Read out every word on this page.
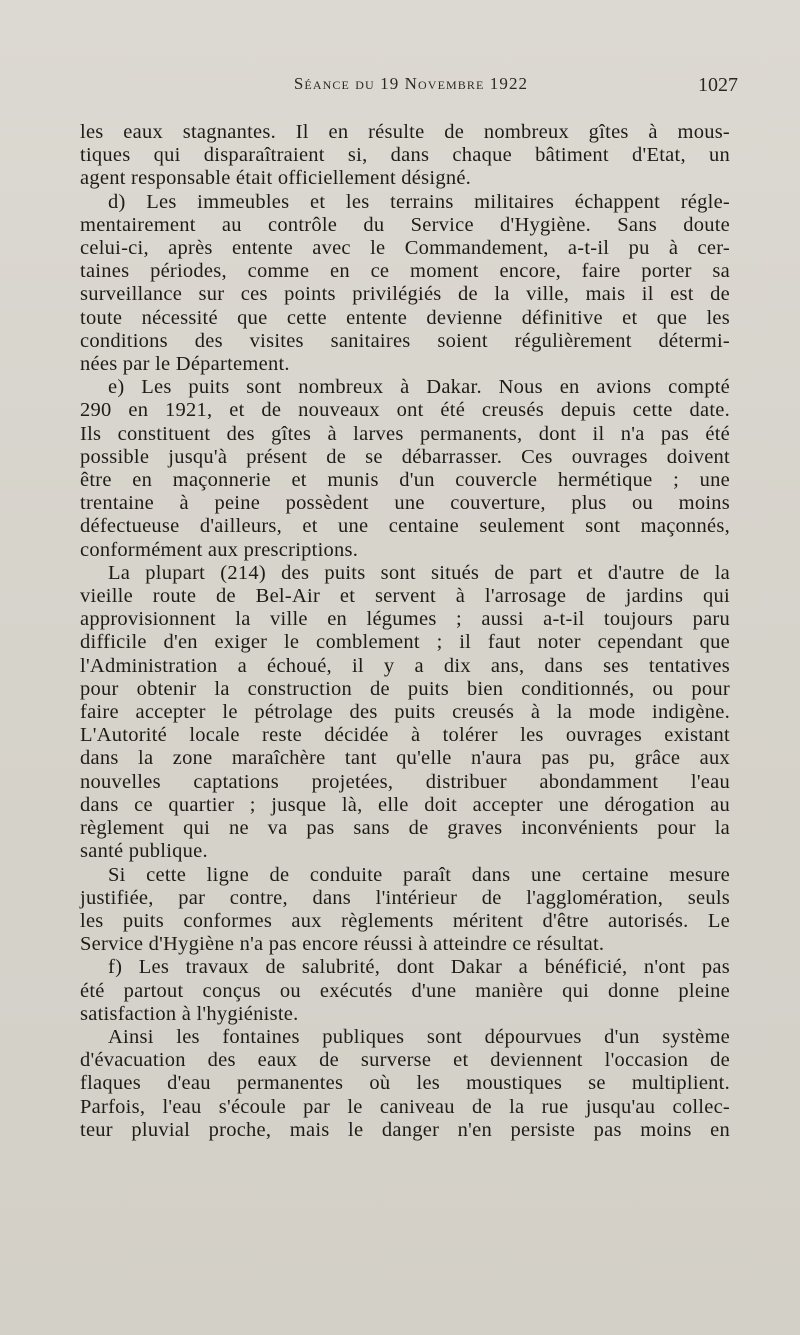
Séance du 19 Novembre 1922	1027
les eaux stagnantes. Il en résulte de nombreux gîtes à mous-
tiques qui disparaîtraient si, dans chaque bâtiment d'Etat, un
agent responsable était officiellement désigné.
d) Les immeubles et les terrains militaires échappent régle-
mentairement au contrôle du Service d'Hygiène. Sans doute
celui-ci, après entente avec le Commandement, a-t-il pu à cer-
taines périodes, comme en ce moment encore, faire porter sa
surveillance sur ces points privilégiés de la ville, mais il est de
toute nécessité que cette entente devienne définitive et que les
conditions des visites sanitaires soient régulièrement détermi-
nées par le Département.
e) Les puits sont nombreux à Dakar. Nous en avions compté
290 en 1921, et de nouveaux ont été creusés depuis cette date.
Ils constituent des gîtes à larves permanents, dont il n'a pas été
possible jusqu'à présent de se débarrasser. Ces ouvrages doivent
être en maçonnerie et munis d'un couvercle hermétique ; une
trentaine à peine possèdent une couverture, plus ou moins
défectueuse d'ailleurs, et une centaine seulement sont maçonnés,
conformément aux prescriptions.
La plupart (214) des puits sont situés de part et d'autre de la
vieille route de Bel-Air et servent à l'arrosage de jardins qui
approvisionnent la ville en légumes ; aussi a-t-il toujours paru
difficile d'en exiger le comblement ; il faut noter cependant que
l'Administration a échoué, il y a dix ans, dans ses tentatives
pour obtenir la construction de puits bien conditionnés, ou pour
faire accepter le pétrolage des puits creusés à la mode indigène.
L'Autorité locale reste décidée à tolérer les ouvrages existant
dans la zone maraîchère tant qu'elle n'aura pas pu, grâce aux
nouvelles captations projetées, distribuer abondamment l'eau
dans ce quartier ; jusque là, elle doit accepter une dérogation au
règlement qui ne va pas sans de graves inconvénients pour la
santé publique.
Si cette ligne de conduite paraît dans une certaine mesure
justifiée, par contre, dans l'intérieur de l'agglomération, seuls
les puits conformes aux règlements méritent d'être autorisés. Le
Service d'Hygiène n'a pas encore réussi à atteindre ce résultat.
f) Les travaux de salubrité, dont Dakar a bénéficié, n'ont pas
été partout conçus ou exécutés d'une manière qui donne pleine
satisfaction à l'hygiéniste.
Ainsi les fontaines publiques sont dépourvues d'un système
d'évacuation des eaux de surverse et deviennent l'occasion de
flaques d'eau permanentes où les moustiques se multiplient.
Parfois, l'eau s'écoule par le caniveau de la rue jusqu'au collec-
teur pluvial proche, mais le danger n'en persiste pas moins en
